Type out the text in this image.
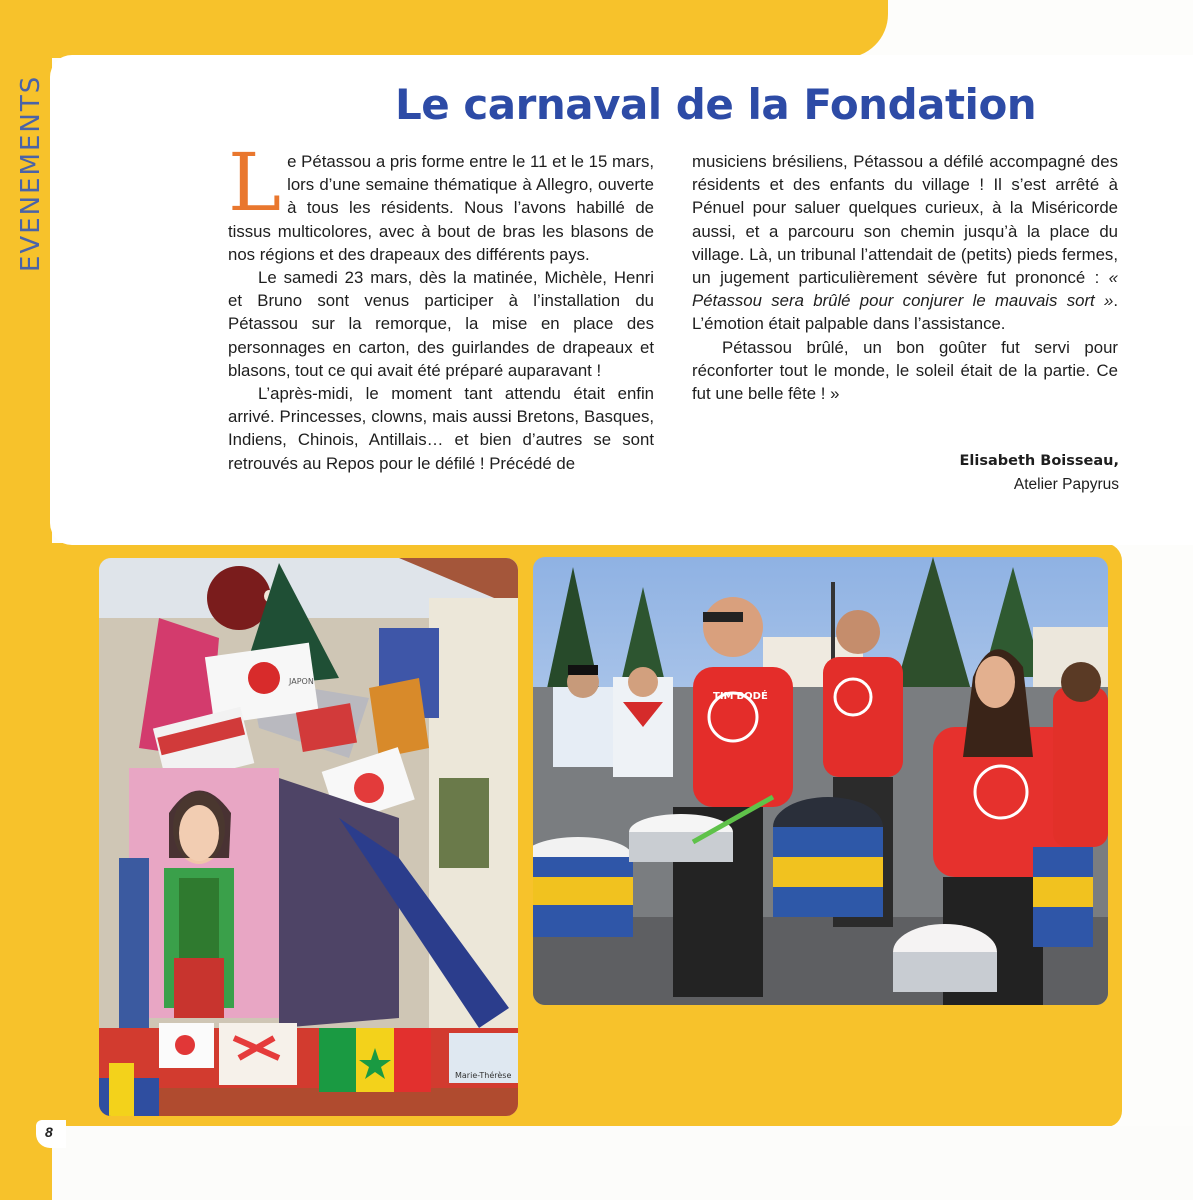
EVENEMENTS	Le carnaval de la Fondation

Le Pétassou a pris forme entre le 11 et le 15 mars, lors d’une semaine thématique à Allegro, ouverte à tous les résidents. Nous l’avons habillé de tissus multicolores, avec à bout de bras les blasons de nos régions et des drapeaux des différents pays.

Le samedi 23 mars, dès la matinée, Michèle, Henri et Bruno sont venus participer à l’installation du Pétassou sur la remorque, la mise en place des personnages en carton, des guirlandes de drapeaux et blasons, tout ce qui avait été préparé auparavant !

L’après-midi, le moment tant attendu était enfin arrivé. Princesses, clowns, mais aussi Bretons, Basques, Indiens, Chinois, Antillais… et bien d’autres se sont retrouvés au Repos pour le défilé ! Précédé de

musiciens brésiliens, Pétassou a défilé accompagné des résidents et des enfants du village ! Il s’est arrêté à Pénuel pour saluer quelques curieux, à la Miséricorde aussi, et a parcouru son chemin jusqu’à la place du village. Là, un tribunal l’attendait de (petits) pieds fermes, un jugement particulièrement sévère fut prononcé : « Pétassou sera brûlé pour conjurer le mauvais sort ». L’émotion était palpable dans l’assistance.

Pétassou brûlé, un bon goûter fut servi pour réconforter tout le monde, le soleil était de la partie. Ce fut une belle fête ! »

Elisabeth Boisseau,
Atelier Papyrus
Marie-Thérèse
JAPON
TIM'BODÉ
8
